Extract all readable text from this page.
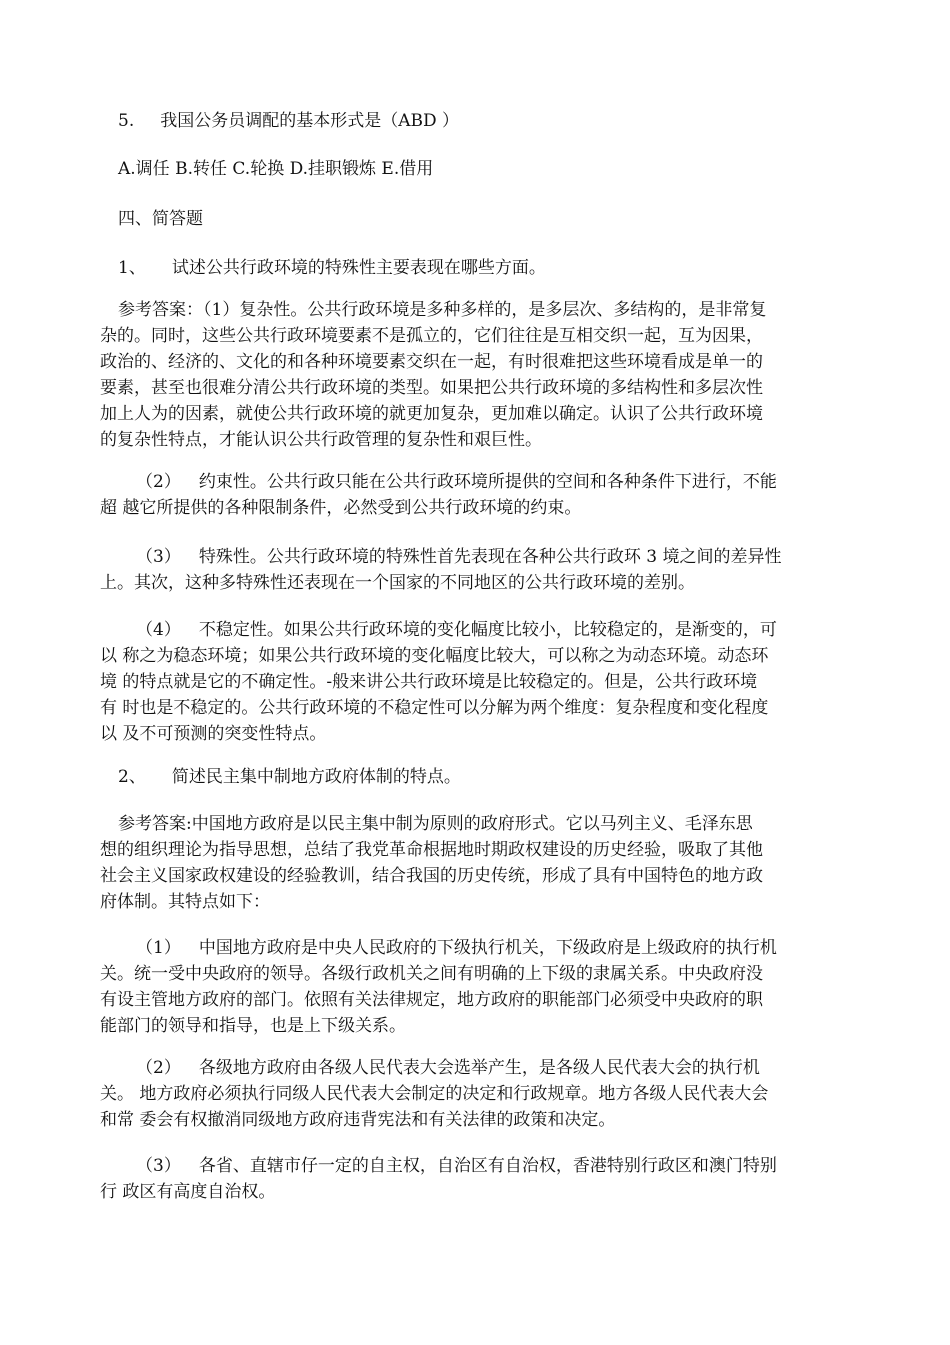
5. 我国公务员调配的基本形式是（ABD ）
A.调任 B.转任 C.轮换 D.挂职锻炼 E.借用
四、简答题
1、 试述公共行政环境的特殊性主要表现在哪些方面。
参考答案：（1）复杂性。公共行政环境是多种多样的，是多层次、多结构的，是非常复
杂的。同时，这些公共行政环境要素不是孤立的，它们往往是互相交织一起，互为因果，
政治的、经济的、文化的和各种环境要素交织在一起，有时很难把这些环境看成是单一的
要素，甚至也很难分清公共行政环境的类型。如果把公共行政环境的多结构性和多层次性
加上人为的因素，就使公共行政环境的就更加复杂，更加难以确定。认识了公共行政环境
的复杂性特点，才能认识公共行政管理的复杂性和艰巨性。
（2） 约束性。公共行政只能在公共行政环境所提供的空间和各种条件下进行，不能
超 越它所提供的各种限制条件，必然受到公共行政环境的约束。
（3） 特殊性。公共行政环境的特殊性首先表现在各种公共行政环 3 境之间的差异性
上。其次，这种多特殊性还表现在一个国家的不同地区的公共行政环境的差别。
（4） 不稳定性。如果公共行政环境的变化幅度比较小，比较稳定的，是渐变的，可
以 称之为稳态环境；如果公共行政环境的变化幅度比较大，可以称之为动态环境。动态环
境 的特点就是它的不确定性。-般来讲公共行政环境是比较稳定的。但是，公共行政环境
有 时也是不稳定的。公共行政环境的不稳定性可以分解为两个维度：复杂程度和变化程度
以 及不可预测的突变性特点。
2、 简述民主集中制地方政府体制的特点。
参考答案:中国地方政府是以民主集中制为原则的政府形式。它以马列主义、毛泽东思
想的组织理论为指导思想，总结了我党革命根据地时期政权建设的历史经验，吸取了其他
社会主义国家政权建设的经验教训，结合我国的历史传统，形成了具有中国特色的地方政
府体制。其特点如下：
（1） 中国地方政府是中央人民政府的下级执行机关，下级政府是上级政府的执行机
关。统一受中央政府的领导。各级行政机关之间有明确的上下级的隶属关系。中央政府没
有设主管地方政府的部门。依照有关法律规定，地方政府的职能部门必须受中央政府的职
能部门的领导和指导，也是上下级关系。
（2） 各级地方政府由各级人民代表大会选举产生，是各级人民代表大会的执行机
关。 地方政府必须执行同级人民代表大会制定的决定和行政规章。地方各级人民代表大会
和常 委会有权撤消同级地方政府违背宪法和有关法律的政策和决定。
（3） 各省、直辖市仔一定的自主权，自治区有自治权，香港特别行政区和澳门特别
行 政区有高度自治权。
